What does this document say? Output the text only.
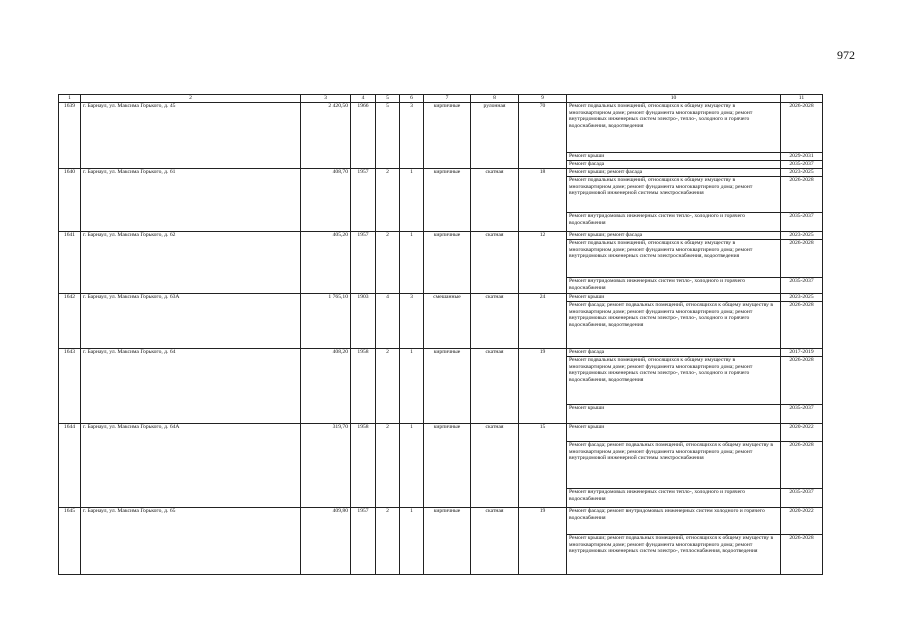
972
1	2	3	4	5	6	7	8	9	10	11
1639	г. Барнаул, ул. Максима Горького, д. 45	2 420,50	1966	5	3	кирпичные	рулонная	70	Ремонт подвальных помещений, относящихся к общему имуществу в многоквартирном доме; ремонт фундамента многоквартирного дома; ремонт внутридомовых инженерных систем электро-, тепло-, холодного и горячего водоснабжения, водоотведения	2026-2028
									Ремонт крыши	2029-2031
									Ремонт фасада	2035-2037
1640	г. Барнаул, ул. Максима Горького, д. 61	408,70	1957	2	1	кирпичные	скатная	18	Ремонт крыши; ремонт фасада	2023-2025
									Ремонт подвальных помещений, относящихся к общему имуществу в многоквартирном доме; ремонт фундамента многоквартирного дома; ремонт внутридомовой инженерной системы электроснабжения	2026-2028
									Ремонт внутридомовых инженерных систем тепло-, холодного и горячего водоснабжения	2035-2037
1641	г. Барнаул, ул. Максима Горького, д. 62	405,20	1957	2	1	кирпичные	скатная	12	Ремонт крыши; ремонт фасада	2023-2025
									Ремонт подвальных помещений, относящихся к общему имуществу в многоквартирном доме; ремонт фундамента многоквартирного дома; ремонт внутридомовых инженерных систем электроснабжения, водоотведения	2026-2028
									Ремонт внутридомовых инженерных систем тепло-, холодного и горячего водоснабжения	2035-2037
1642	г. Барнаул, ул. Максима Горького, д. 63А	1 765,10	1903	4	3	смешанные	скатная	24	Ремонт крыши	2023-2025
									Ремонт фасада; ремонт подвальных помещений, относящихся к общему имуществу в многоквартирном доме; ремонт фундамента многоквартирного дома; ремонт внутридомовых инженерных систем электро-, тепло-, холодного и горячего водоснабжения, водоотведения	2026-2028
1643	г. Барнаул, ул. Максима Горького, д. 64	408,20	1958	2	1	кирпичные	скатная	19	Ремонт фасада	2017-2019
									Ремонт подвальных помещений, относящихся к общему имуществу в многоквартирном доме; ремонт фундамента многоквартирного дома; ремонт внутридомовых инженерных систем электро-, тепло-, холодного и горячего водоснабжения, водоотведения	2026-2028
									Ремонт крыши	2035-2037
1644	г. Барнаул, ул. Максима Горького, д. 64А	319,70	1958	2	1	кирпичные	скатная	15	Ремонт крыши	2020-2022
									Ремонт фасада; ремонт подвальных помещений, относящихся к общему имуществу в многоквартирном доме; ремонт фундамента многоквартирного дома; ремонт внутридомовой инженерной системы электроснабжения	2026-2028
									Ремонт внутридомовых инженерных систем тепло-, холодного и горячего водоснабжения	2035-2037
1645	г. Барнаул, ул. Максима Горького, д. 65	409,80	1957	2	1	кирпичные	скатная	19	Ремонт фасада; ремонт внутридомовых инженерных систем холодного и горячего водоснабжения	2020-2022
									Ремонт крыши; ремонт подвальных помещений, относящихся к общему имуществу в многоквартирном доме; ремонт фундамента многоквартирного дома; ремонт внутридомовых инженерных систем электро-, теплоснабжения, водоотведения	2026-2028
